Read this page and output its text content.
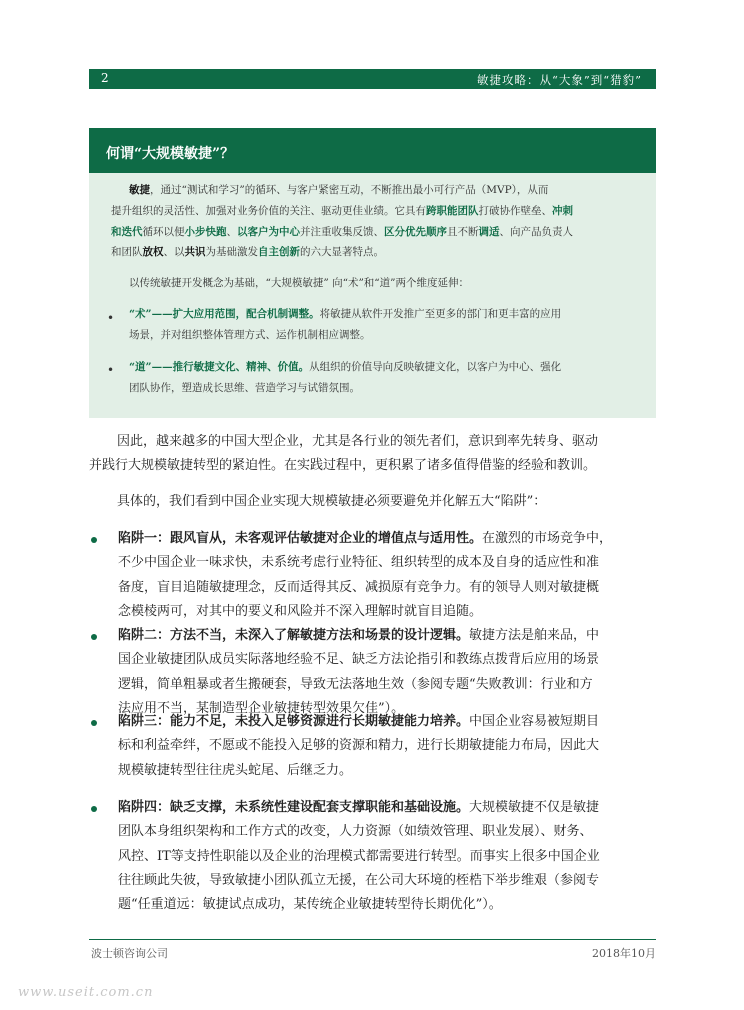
2	敏捷攻略：从“大象”到“猎豹”
何谓“大规模敏捷”？
敏捷，通过“测试和学习”的循环、与客户紧密互动，不断推出最小可行产品（MVP），从而
提升组织的灵活性、加强对业务价值的关注、驱动更佳业绩。它具有跨职能团队打破协作壁垒、冲刺
和迭代循环以便小步快跑、以客户为中心并注重收集反馈、区分优先顺序且不断调适、向产品负责人
和团队放权、以共识为基础激发自主创新的六大显著特点。
以传统敏捷开发概念为基础，“大规模敏捷” 向“术”和“道”两个维度延伸：
• “术”——扩大应用范围，配合机制调整。将敏捷从软件开发推广至更多的部门和更丰富的应用
场景，并对组织整体管理方式、运作机制相应调整。
• “道”——推行敏捷文化、精神、价值。从组织的价值导向反映敏捷文化，以客户为中心、强化
团队协作，塑造成长思维、营造学习与试错氛围。
因此，越来越多的中国大型企业，尤其是各行业的领先者们，意识到率先转身、驱动
并践行大规模敏捷转型的紧迫性。在实践过程中，更积累了诸多值得借鉴的经验和教训。
具体的，我们看到中国企业实现大规模敏捷必须要避免并化解五大“陷阱”：
陷阱一：跟风盲从，未客观评估敏捷对企业的增值点与适用性。在激烈的市场竞争中，
不少中国企业一味求快，未系统考虑行业特征、组织转型的成本及自身的适应性和准
备度，盲目追随敏捷理念，反而适得其反、减损原有竞争力。有的领导人则对敏捷概
念模棱两可，对其中的要义和风险并不深入理解时就盲目追随。
陷阱二：方法不当，未深入了解敏捷方法和场景的设计逻辑。敏捷方法是舶来品，中
国企业敏捷团队成员实际落地经验不足、缺乏方法论指引和教练点拨背后应用的场景
逻辑，简单粗暴或者生搬硬套，导致无法落地生效（参阅专题“失败教训：行业和方
法应用不当，某制造型企业敏捷转型效果欠佳”）。
陷阱三：能力不足，未投入足够资源进行长期敏捷能力培养。中国企业容易被短期目
标和利益牵绊，不愿或不能投入足够的资源和精力，进行长期敏捷能力布局，因此大
规模敏捷转型往往虎头蛇尾、后继乏力。
陷阱四：缺乏支撑，未系统性建设配套支撑职能和基础设施。大规模敏捷不仅是敏捷
团队本身组织架构和工作方式的改变，人力资源（如绩效管理、职业发展）、财务、
风控、IT等支持性职能以及企业的治理模式都需要进行转型。而事实上很多中国企业
往往顾此失彼，导致敏捷小团队孤立无援，在公司大环境的桎梏下举步维艰（参阅专
题“任重道远：敏捷试点成功，某传统企业敏捷转型待长期优化”）。
波士顿咨询公司	2018年10月
www.useit.com.cn
